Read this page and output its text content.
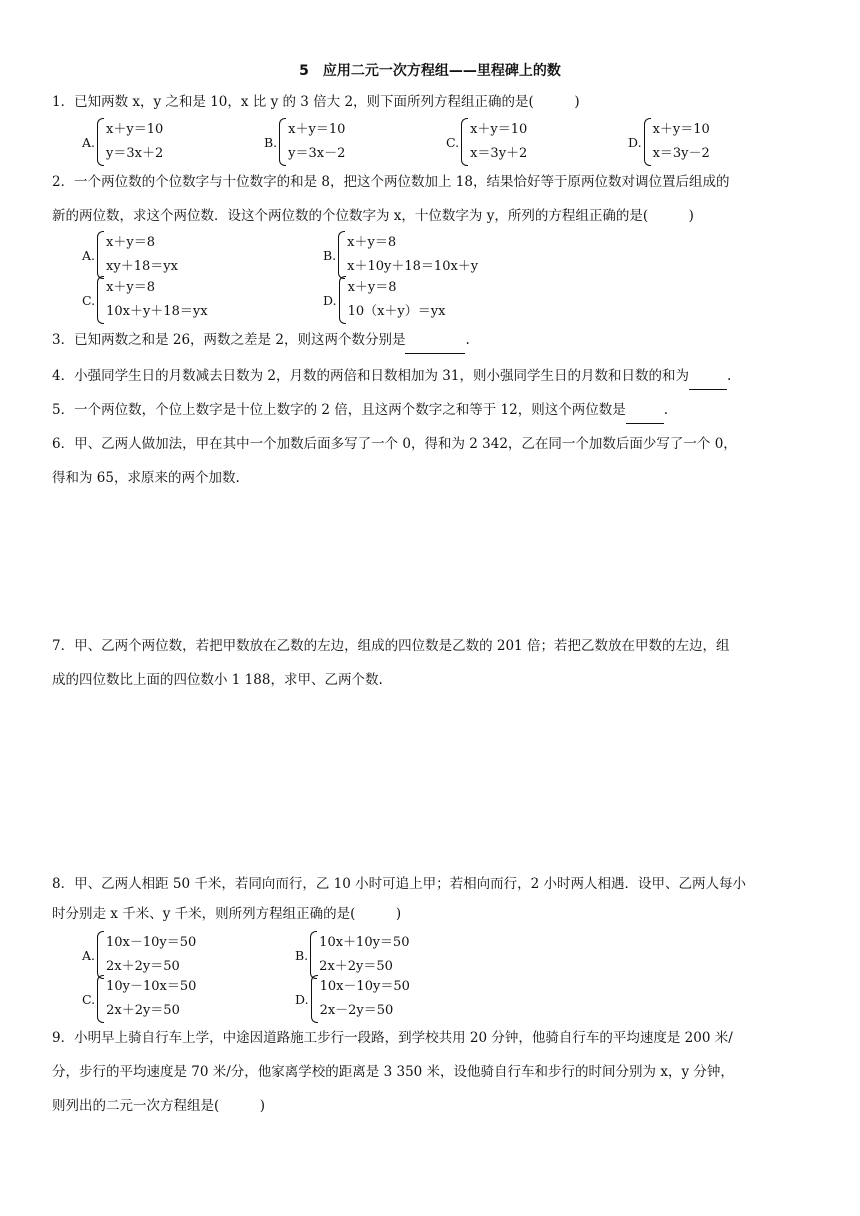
5　应用二元一次方程组——里程碑上的数
1．已知两数 x，y 之和是 10，x 比 y 的 3 倍大 2，则下面所列方程组正确的是(　　　)
A.
x＋y＝10
y＝3x＋2
B.
x＋y＝10
y＝3x－2
C.
x＋y＝10
x＝3y＋2
D.
x＋y＝10
x＝3y－2
2．一个两位数的个位数字与十位数字的和是 8，把这个两位数加上 18，结果恰好等于原两位数对调位置后组成的
新的两位数，求这个两位数．设这个两位数的个位数字为 x，十位数字为 y，所列的方程组正确的是(　　　)
A.
x＋y＝8
xy＋18＝yx
B.
x＋y＝8
x＋10y＋18＝10x＋y
C.
x＋y＝8
10x＋y＋18＝yx
D.
x＋y＝8
10（x＋y）＝yx
3．已知两数之和是 26，两数之差是 2，则这两个数分别是	.
4．小强同学生日的月数减去日数为 2，月数的两倍和日数相加为 31，则小强同学生日的月数和日数的和为	.
5．一个两位数，个位上数字是十位上数字的 2 倍，且这两个数字之和等于 12，则这个两位数是	.
6．甲、乙两人做加法，甲在其中一个加数后面多写了一个 0，得和为 2 342，乙在同一个加数后面少写了一个 0，
得和为 65，求原来的两个加数.
7．甲、乙两个两位数，若把甲数放在乙数的左边，组成的四位数是乙数的 201 倍；若把乙数放在甲数的左边，组
成的四位数比上面的四位数小 1 188，求甲、乙两个数.
8．甲、乙两人相距 50 千米，若同向而行，乙 10 小时可追上甲；若相向而行，2 小时两人相遇．设甲、乙两人每小
时分别走 x 千米、y 千米，则所列方程组正确的是(　　　)
A.
10x－10y＝50
2x＋2y＝50
B.
10x＋10y＝50
2x＋2y＝50
C.
10y－10x＝50
2x＋2y＝50
D.
10x－10y＝50
2x－2y＝50
9．小明早上骑自行车上学，中途因道路施工步行一段路，到学校共用 20 分钟，他骑自行车的平均速度是 200 米/
分，步行的平均速度是 70 米/分，他家离学校的距离是 3 350 米，设他骑自行车和步行的时间分别为 x，y 分钟，
则列出的二元一次方程组是(　　　)
